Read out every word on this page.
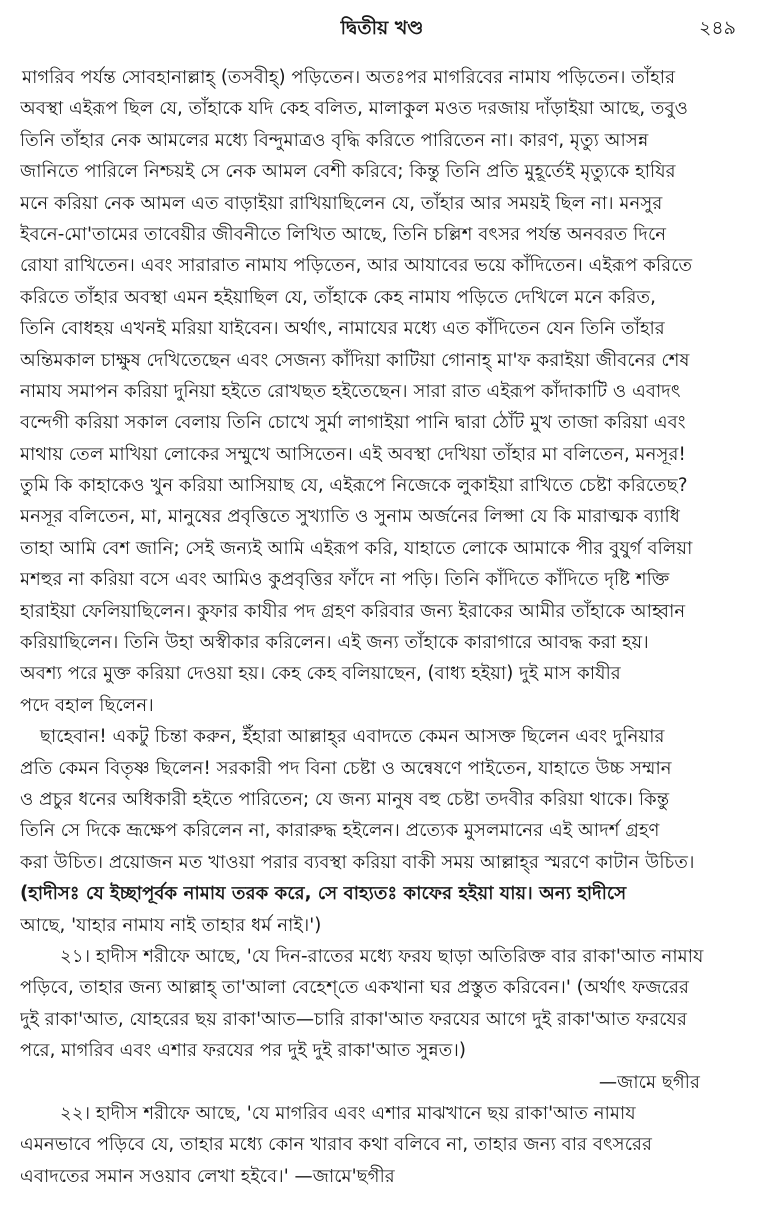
দ্বিতীয় খণ্ড	২৪৯
মাগরিব পর্যন্ত সোবহানাল্লাহ্ (তসবীহ্) পড়িতেন। অতঃপর মাগরিবের নামায পড়িতেন। তাঁহার
অবস্থা এইরূপ ছিল যে, তাঁহাকে যদি কেহ বলিত, মালাকুল মওত দরজায় দাঁড়াইয়া আছে, তবুও
তিনি তাঁহার নেক আমলের মধ্যে বিন্দুমাত্রও বৃদ্ধি করিতে পারিতেন না। কারণ, মৃত্যু আসন্ন
জানিতে পারিলে নিশ্চয়ই সে নেক আমল বেশী করিবে; কিন্তু তিনি প্রতি মুহূর্তেই মৃত্যুকে হাযির
মনে করিয়া নেক আমল এত বাড়াইয়া রাখিয়াছিলেন যে, তাঁহার আর সময়ই ছিল না। মনসুর
ইবনে-মো'তামের তাবেয়ীর জীবনীতে লিখিত আছে, তিনি চল্লিশ বৎসর পর্যন্ত অনবরত দিনে
রোযা রাখিতেন। এবং সারারাত নামায পড়িতেন, আর আযাবের ভয়ে কাঁদিতেন। এইরূপ করিতে
করিতে তাঁহার অবস্থা এমন হইয়াছিল যে, তাঁহাকে কেহ নামায পড়িতে দেখিলে মনে করিত,
তিনি বোধহয় এখনই মরিয়া যাইবেন। অর্থাৎ, নামাযের মধ্যে এত কাঁদিতেন যেন তিনি তাঁহার
অন্তিমকাল চাক্ষুষ দেখিতেছেন এবং সেজন্য কাঁদিয়া কাটিয়া গোনাহ্ মা'ফ করাইয়া জীবনের শেষ
নামায সমাপন করিয়া দুনিয়া হইতে রোখছত হইতেছেন। সারা রাত এইরূপ কাঁদাকাটি ও এবাদৎ
বন্দেগী করিয়া সকাল বেলায় তিনি চোখে সুর্মা লাগাইয়া পানি দ্বারা ঠোঁট মুখ তাজা করিয়া এবং
মাথায় তেল মাখিয়া লোকের সম্মুখে আসিতেন। এই অবস্থা দেখিয়া তাঁহার মা বলিতেন, মনসূর!
তুমি কি কাহাকেও খুন করিয়া আসিয়াছ যে, এইরূপে নিজেকে লুকাইয়া রাখিতে চেষ্টা করিতেছ?
মনসূর বলিতেন, মা, মানুষের প্রবৃত্তিতে সুখ্যাতি ও সুনাম অর্জনের লিপ্সা যে কি মারাত্মক ব্যাধি
তাহা আমি বেশ জানি; সেই জন্যই আমি এইরূপ করি, যাহাতে লোকে আমাকে পীর বুযুর্গ বলিয়া
মশহুর না করিয়া বসে এবং আমিও কুপ্রবৃত্তির ফাঁদে না পড়ি। তিনি কাঁদিতে কাঁদিতে দৃষ্টি শক্তি
হারাইয়া ফেলিয়াছিলেন। কুফার কাযীর পদ গ্রহণ করিবার জন্য ইরাকের আমীর তাঁহাকে আহ্বান
করিয়াছিলেন। তিনি উহা অস্বীকার করিলেন। এই জন্য তাঁহাকে কারাগারে আবদ্ধ করা হয়।
অবশ্য পরে মুক্ত করিয়া দেওয়া হয়। কেহ কেহ বলিয়াছেন, (বাধ্য হইয়া) দুই মাস কাযীর
পদে বহাল ছিলেন।
ছাহেবান! একটু চিন্তা করুন, ইঁহারা আল্লাহ্‌র এবাদতে কেমন আসক্ত ছিলেন এবং দুনিয়ার
প্রতি কেমন বিতৃষ্ণ ছিলেন! সরকারী পদ বিনা চেষ্টা ও অন্বেষণে পাইতেন, যাহাতে উচ্চ সম্মান
ও প্রচুর ধনের অধিকারী হইতে পারিতেন; যে জন্য মানুষ বহু চেষ্টা তদবীর করিয়া থাকে। কিন্তু
তিনি সে দিকে ভ্রূক্ষেপ করিলেন না, কারারুদ্ধ হইলেন। প্রত্যেক মুসলমানের এই আদর্শ গ্রহণ
করা উচিত। প্রয়োজন মত খাওয়া পরার ব্যবস্থা করিয়া বাকী সময় আল্লাহ্‌র স্মরণে কাটান উচিত।
(হাদীসঃ যে ইচ্ছাপূর্বক নামায তরক করে, সে বাহ্যতঃ কাফের হইয়া যায়। অন্য হাদীসে
আছে, 'যাহার নামায নাই তাহার ধর্ম নাই।')
২১। হাদীস শরীফে আছে, 'যে দিন-রাতের মধ্যে ফরয ছাড়া অতিরিক্ত বার রাকা'আত নামায
পড়িবে, তাহার জন্য আল্লাহ্ তা'আলা বেহেশ্‌তে একখানা ঘর প্রস্তুত করিবেন।' (অর্থাৎ ফজরের
দুই রাকা'আত, যোহরের ছয় রাকা'আত—চারি রাকা'আত ফরযের আগে দুই রাকা'আত ফরযের
পরে, মাগরিব এবং এশার ফরযের পর দুই দুই রাকা'আত সুন্নত।)
—জামে ছগীর
২২। হাদীস শরীফে আছে, 'যে মাগরিব এবং এশার মাঝখানে ছয় রাকা'আত নামায
এমনভাবে পড়িবে যে, তাহার মধ্যে কোন খারাব কথা বলিবে না, তাহার জন্য বার বৎসরের
এবাদতের সমান সওয়াব লেখা হইবে।' —জামে'ছগীর
